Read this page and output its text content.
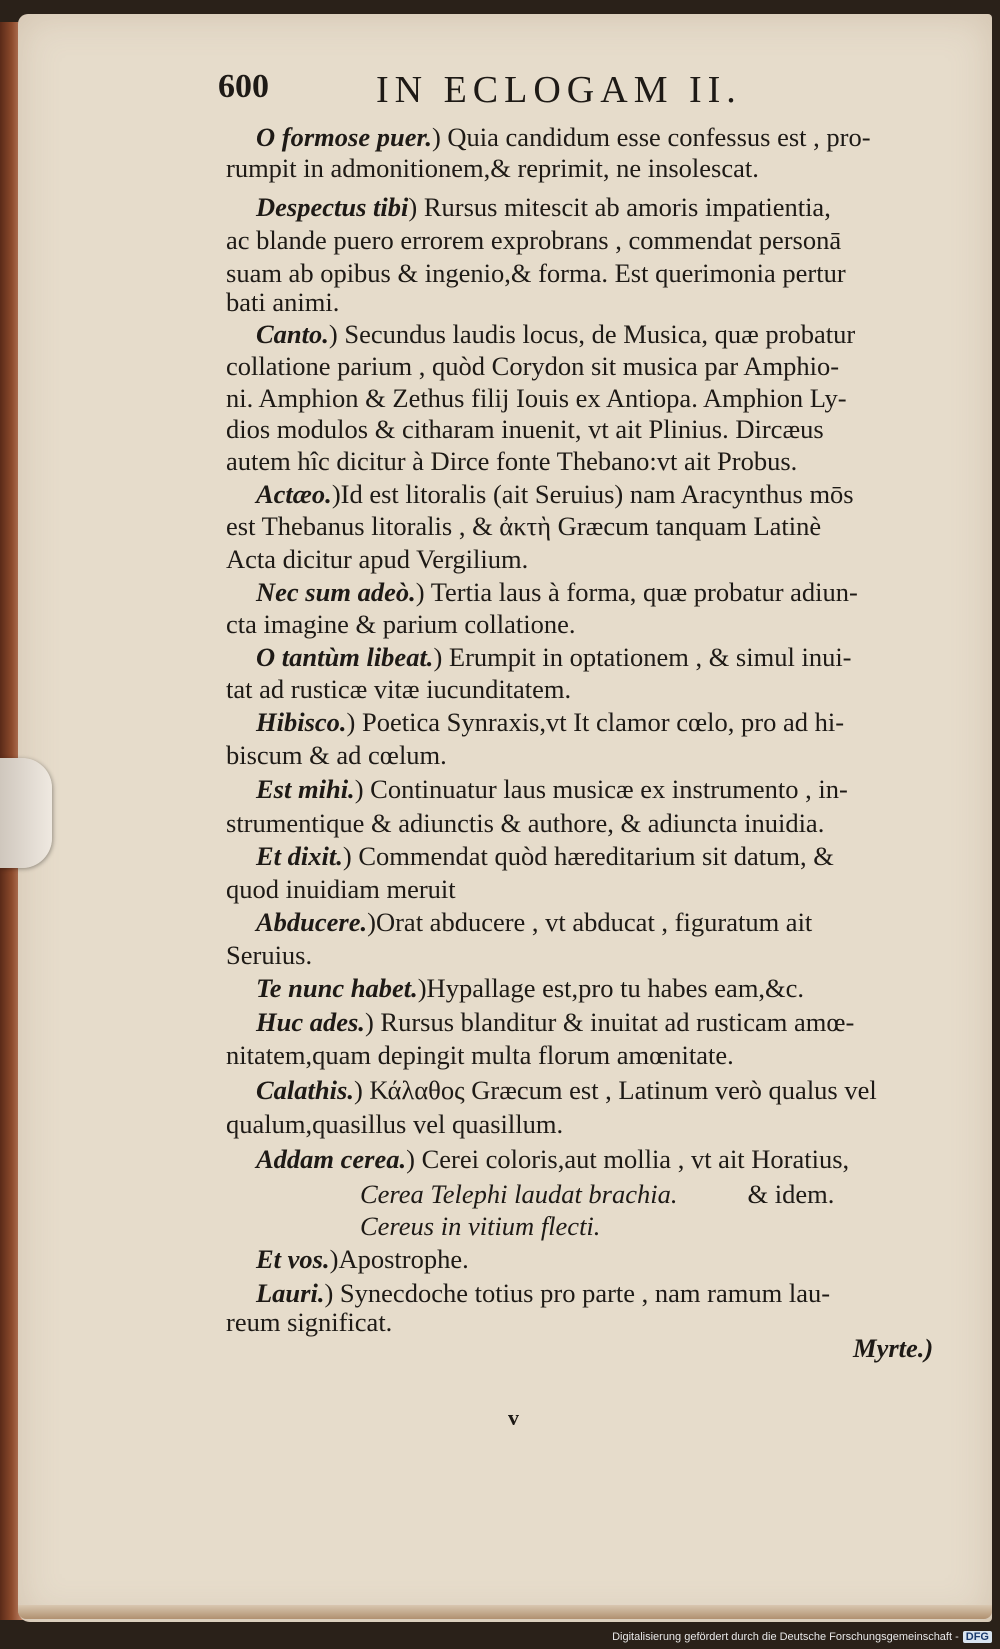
600	IN ECLOGAM II.
O formose puer.) Quia candidum esse confessus est , pro-
rumpit in admonitionem,& reprimit, ne insolescat.
Despectus tibi) Rursus mitescit ab amoris impatientia,
ac blande puero errorem exprobrans , commendat personā
suam ab opibus & ingenio,& forma. Est querimonia pertur
bati animi.
Canto.) Secundus laudis locus, de Musica, quæ probatur
collatione parium , quòd Corydon sit musica par Amphio-
ni. Amphion & Zethus filij Iouis ex Antiopa. Amphion Ly-
dios modulos & citharam inuenit, vt ait Plinius. Dircæus
autem hîc dicitur à Dirce fonte Thebano:vt ait Probus.
Actæo.)Id est litoralis (ait Seruius) nam Aracynthus mōs
est Thebanus litoralis , & ἀκτὴ Græcum tanquam Latinè
Acta dicitur apud Vergilium.
Nec sum adeò.) Tertia laus à forma, quæ probatur adiun-
cta imagine & parium collatione.
O tantùm libeat.) Erumpit in optationem , & simul inui-
tat ad rusticæ vitæ iucunditatem.
Hibisco.) Poetica Synraxis,vt It clamor cœlo, pro ad hi-
biscum & ad cœlum.
Est mihi.) Continuatur laus musicæ ex instrumento , in-
strumentique & adiunctis & authore, & adiuncta inuidia.
Et dixit.) Commendat quòd hæreditarium sit datum, &
quod inuidiam meruit
Abducere.)Orat abducere , vt abducat , figuratum ait
Seruius.
Te nunc habet.)Hypallage est,pro tu habes eam,&c.
Huc ades.) Rursus blanditur & inuitat ad rusticam amœ-
nitatem,quam depingit multa florum amœnitate.
Calathis.) Κάλαθος Græcum est , Latinum verò qualus vel
qualum,quasillus vel quasillum.
Addam cerea.) Cerei coloris,aut mollia , vt ait Horatius,
Cerea Telephi laudat brachia.	& idem.
Cereus in vitium flecti.
Et vos.)Apostrophe.
Lauri.) Synecdoche totius pro parte , nam ramum lau-
reum significat.
v
Myrte.)
Digitalisierung gefördert durch die Deutsche Forschungsgemeinschaft - DFG
